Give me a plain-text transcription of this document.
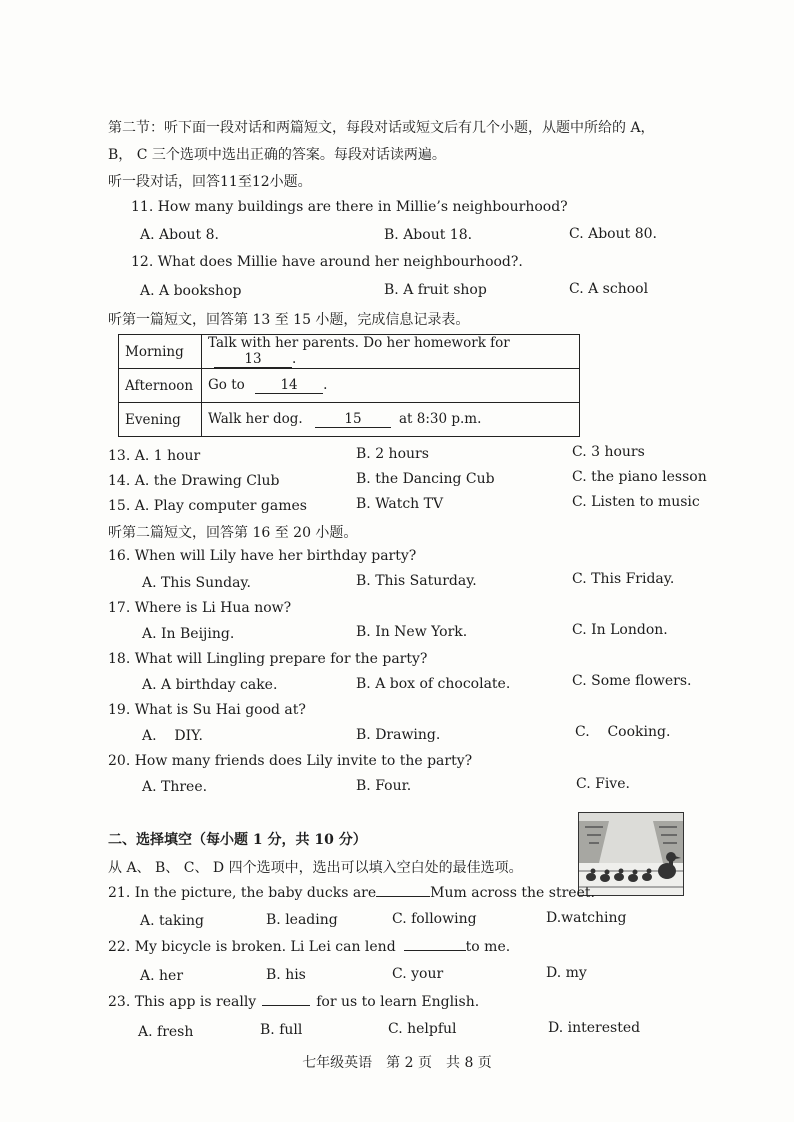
第二节：听下面一段对话和两篇短文，每段对话或短文后有几个小题，从题中所给的 A，
B， C 三个选项中选出正确的答案。每段对话读两遍。
听一段对话，回答11至12小题。
11. How many buildings are there in Millie’s neighbourhood?
A. About 8.	B. About 18.	C. About 80.
12. What does Millie have around her neighbourhood?.
A. A bookshop	B. A fruit shop	C. A school
听第一篇短文，回答第 13 至 15 小题，完成信息记录表。
Morning	Talk with her parents. Do her homework for 13 .
Afternoon	Go to 14 .
Evening	Walk her dog. 15 at 8:30 p.m.
13. A. 1 hour	B. 2 hours	C. 3 hours
14. A. the Drawing Club	B. the Dancing Cub	C. the piano lesson
15. A. Play computer games	B. Watch TV	C. Listen to music
听第二篇短文，回答第 16 至 20 小题。
16. When will Lily have her birthday party?
A. This Sunday.	B. This Saturday.	C. This Friday.
17. Where is Li Hua now?
A. In Beijing.	B. In New York.	C. In London.
18. What will Lingling prepare for the party?
A. A birthday cake.	B. A box of chocolate.	C. Some flowers.
19. What is Su Hai good at?
A.    DIY.	B. Drawing.	C.    Cooking.
20. How many friends does Lily invite to the party?
A. Three.	B. Four.	C. Five.
二、选择填空（每小题 1 分，共 10 分）
从 A、 B、 C、 D 四个选项中，选出可以填入空白处的最佳选项。
21. In the picture, the baby ducks are	Mum across the street.
A. taking	B. leading	C. following	D.watching
22. My bicycle is broken. Li Lei can lend	to me.
A. her	B. his	C. your	D. my
23. This app is really	for us to learn English.
A. fresh	B. full	C. helpful	D. interested
七年级英语　第 2 页　共 8 页
